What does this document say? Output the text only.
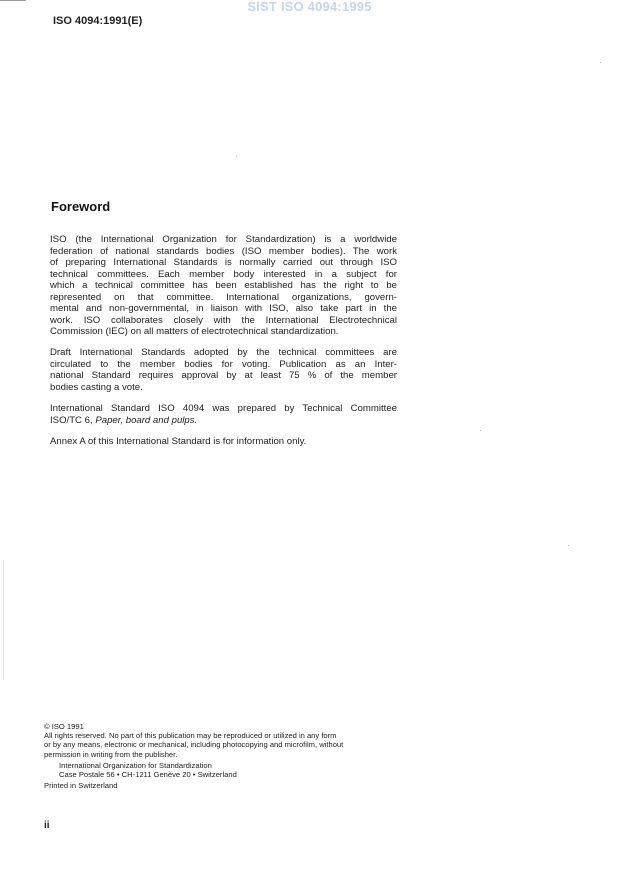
SIST ISO 4094:1995
ISO 4094:1991(E)
Foreword
ISO (the International Organization for Standardization) is a worldwide
federation of national standards bodies (ISO member bodies). The work
of preparing International Standards is normally carried out through ISO
technical committees. Each member body interested in a subject for
which a technical committee has been established has the right to be
represented on that committee. International organizations, govern-
mental and non-governmental, in liaison with ISO, also take part in the
work. ISO collaborates closely with the International Electrotechnical
Commission (IEC) on all matters of electrotechnical standardization.
Draft International Standards adopted by the technical committees are
circulated to the member bodies for voting. Publication as an Inter-
national Standard requires approval by at least 75 % of the member
bodies casting a vote.
International Standard ISO 4094 was prepared by Technical Committee
ISO/TC 6, Paper, board and pulps.
Annex A of this International Standard is for information only.
© ISO 1991
All rights reserved. No part of this publication may be reproduced or utilized in any form
or by any means, electronic or mechanical, including photocopying and microfilm, without
permission in writing from the publisher.
International Organization for Standardization
Case Postale 56 • CH-1211 Genève 20 • Switzerland
Printed in Switzerland
ii
